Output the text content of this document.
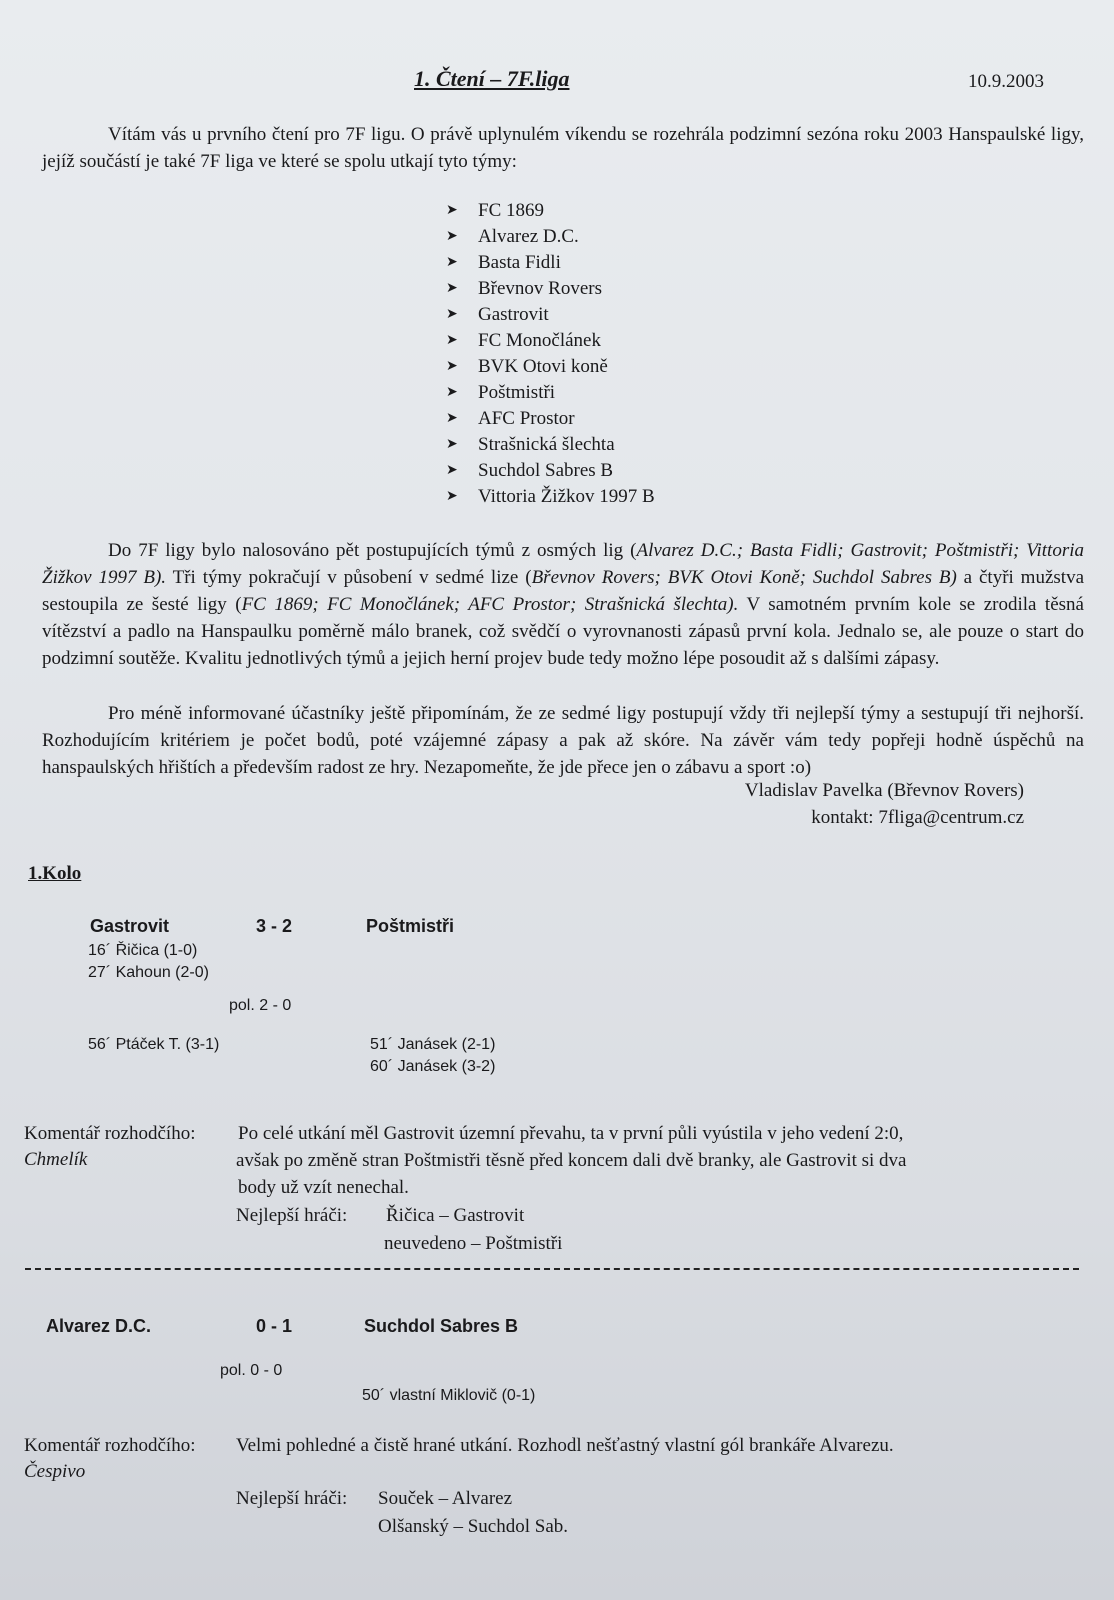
1. Čtení – 7F.liga	10.9.2003
Vítám vás u prvního čtení pro 7F ligu. O právě uplynulém víkendu se rozehrála podzimní sezóna roku 2003 Hanspaulské ligy, jejíž součástí je také 7F liga ve které se spolu utkají tyto týmy:
➤	FC 1869
➤	Alvarez D.C.
➤	Basta Fidli
➤	Břevnov Rovers
➤	Gastrovit
➤	FC Monočlánek
➤	BVK Otovi koně
➤	Poštmistři
➤	AFC Prostor
➤	Strašnická šlechta
➤	Suchdol Sabres B
➤	Vittoria Žižkov 1997 B
Do 7F ligy bylo nalosováno pět postupujících týmů z osmých lig (Alvarez D.C.; Basta Fidli; Gastrovit; Poštmistři; Vittoria Žižkov 1997 B). Tři týmy pokračují v působení v sedmé lize (Břevnov Rovers; BVK Otovi Koně; Suchdol Sabres B) a čtyři mužstva sestoupila ze šesté ligy (FC 1869; FC Monočlánek; AFC Prostor; Strašnická šlechta). V samotném prvním kole se zrodila těsná vítězství a padlo na Hanspaulku poměrně málo branek, což svědčí o vyrovnanosti zápasů první kola. Jednalo se, ale pouze o start do podzimní soutěže. Kvalitu jednotlivých týmů a jejich herní projev bude tedy možno lépe posoudit až s dalšími zápasy.
Pro méně informované účastníky ještě připomínám, že ze sedmé ligy postupují vždy tři nejlepší týmy a sestupují tři nejhorší. Rozhodujícím kritériem je počet bodů, poté vzájemné zápasy a pak až skóre. Na závěr vám tedy popřeji hodně úspěchů na hanspaulských hřištích a především radost ze hry. Nezapomeňte, že jde přece jen o zábavu a sport :o)
Vladislav Pavelka (Břevnov Rovers)
kontakt: 7fliga@centrum.cz
1.Kolo
Gastrovit	3 - 2	Poštmistři
16´ Řičica (1-0)
27´ Kahoun (2-0)
pol. 2 - 0
56´ Ptáček T. (3-1)	51´ Janásek (2-1)
60´ Janásek (3-2)
Komentář rozhodčího:
Chmelík
Po celé utkání měl Gastrovit územní převahu, ta v první půli vyústila v jeho vedení 2:0,
avšak po změně stran Poštmistři těsně před koncem dali dvě branky, ale Gastrovit si dva
body už vzít nenechal.
Nejlepší hráči: Řičica – Gastrovit
neuvedeno – Poštmistři
Alvarez D.C.	0 - 1	Suchdol Sabres B
pol. 0 - 0
50´ vlastní Miklovič (0-1)
Komentář rozhodčího:
Čespivo
Velmi pohledné a čistě hrané utkání. Rozhodl nešťastný vlastní gól brankáře Alvarezu.
Nejlepší hráči: Souček – Alvarez
Olšanský – Suchdol Sab.
